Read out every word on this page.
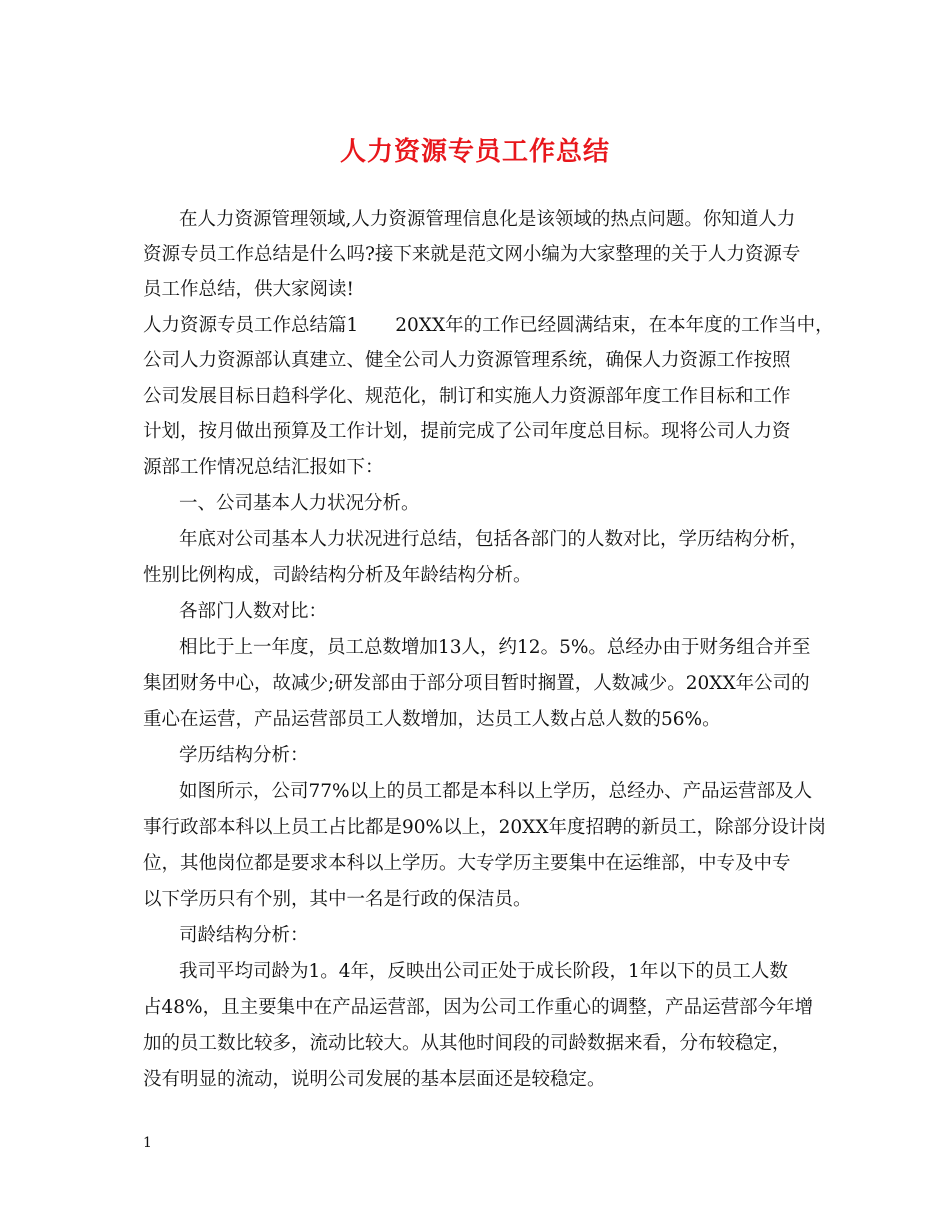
人力资源专员工作总结
在人力资源管理领域,人力资源管理信息化是该领域的热点问题。你知道人力
资源专员工作总结是什么吗?接下来就是范文网小编为大家整理的关于人力资源专
员工作总结，供大家阅读!
人力资源专员工作总结篇1　　20XX年的工作已经圆满结束，在本年度的工作当中，
公司人力资源部认真建立、健全公司人力资源管理系统，确保人力资源工作按照
公司发展目标日趋科学化、规范化，制订和实施人力资源部年度工作目标和工作
计划，按月做出预算及工作计划，提前完成了公司年度总目标。现将公司人力资
源部工作情况总结汇报如下：
一、公司基本人力状况分析。
年底对公司基本人力状况进行总结，包括各部门的人数对比，学历结构分析，
性别比例构成，司龄结构分析及年龄结构分析。
各部门人数对比：
相比于上一年度，员工总数增加13人，约12。5%。总经办由于财务组合并至
集团财务中心，故减少;研发部由于部分项目暂时搁置，人数减少。20XX年公司的
重心在运营，产品运营部员工人数增加，达员工人数占总人数的56%。
学历结构分析：
如图所示，公司77%以上的员工都是本科以上学历，总经办、产品运营部及人
事行政部本科以上员工占比都是90%以上，20XX年度招聘的新员工，除部分设计岗
位，其他岗位都是要求本科以上学历。大专学历主要集中在运维部，中专及中专
以下学历只有个别，其中一名是行政的保洁员。
司龄结构分析：
我司平均司龄为1。4年，反映出公司正处于成长阶段，1年以下的员工人数
占48%，且主要集中在产品运营部，因为公司工作重心的调整，产品运营部今年增
加的员工数比较多，流动比较大。从其他时间段的司龄数据来看，分布较稳定，
没有明显的流动，说明公司发展的基本层面还是较稳定。
1
